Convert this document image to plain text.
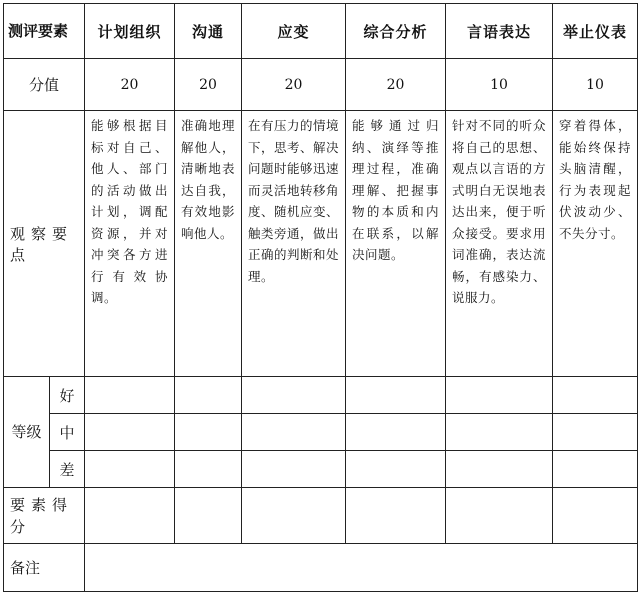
测评要素		计划组织	沟通	应变	综合分析	言语表达	举止仪表
分值		20	20	20	20	10	10
观察要点		能够根据目标对自己、他人、部门的活动做出计划，调配资源，并对冲突各方进行有效协调。	准确地理解他人，清晰地表达自我，有效地影响他人。	在有压力的情境下，思考、解决问题时能够迅速而灵活地转移角度、随机应变、触类旁通，做出正确的判断和处理。	能够通过归纳、演绎等推理过程，准确理解、把握事物的本质和内在联系，以解决问题。	针对不同的听众将自己的思想、观点以言语的方式明白无误地表达出来，便于听众接受。要求用词准确，表达流畅，有感染力、说服力。	穿着得体，能始终保持头脑清醒，行为表现起伏波动少、不失分寸。
等级	好						
	中						
	差						
要素得分							
备注							
